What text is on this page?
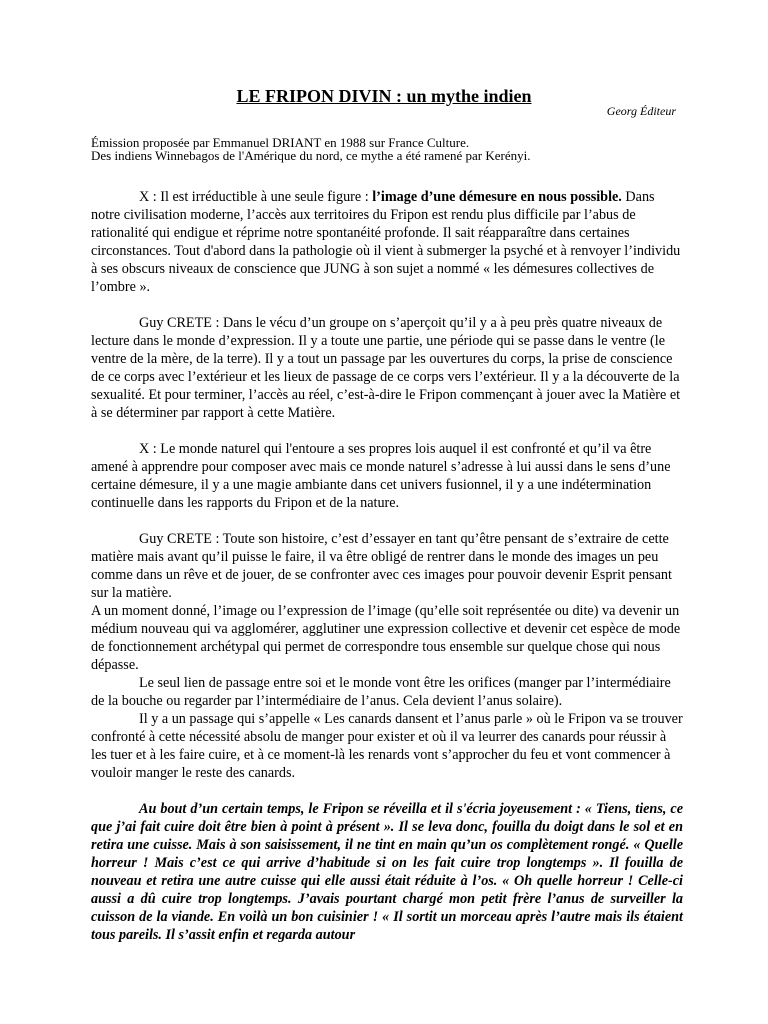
LE FRIPON DIVIN : un mythe indien
Georg Éditeur
Émission proposée par Emmanuel DRIANT en 1988 sur France Culture.
Des indiens Winnebagos de l'Amérique du nord, ce mythe a été ramené par Kerényi.

X : Il est irréductible à une seule figure : l’image d’une démesure en nous possible. Dans notre civilisation moderne, l’accès aux territoires du Fripon est rendu plus difficile par l’abus de rationalité qui endigue et réprime notre spontanéité profonde. Il sait réapparaître dans certaines circonstances. Tout d'abord dans la pathologie où il vient à submerger la psyché et à renvoyer l’individu à ses obscurs niveaux de conscience que JUNG à son sujet a nommé « les démesures collectives de l’ombre ».

Guy CRETE : Dans le vécu d’un groupe on s’aperçoit qu’il y a à peu près quatre niveaux de lecture dans le monde d’expression. Il y a toute une partie, une période qui se passe dans le ventre (le ventre de la mère, de la terre). Il y a tout un passage par les ouvertures du corps, la prise de conscience de ce corps avec l’extérieur et les lieux de passage de ce corps vers l’extérieur. Il y a la découverte de la sexualité. Et pour terminer, l’accès au réel, c’est-à-dire le Fripon commençant à jouer avec la Matière et à se déterminer par rapport à cette Matière.

X : Le monde naturel qui l'entoure a ses propres lois auquel il est confronté et qu’il va être amené à apprendre pour composer avec mais ce monde naturel s’adresse à lui aussi dans le sens d’une certaine démesure, il y a une magie ambiante dans cet univers fusionnel, il y a une indétermination continuelle dans les rapports du Fripon et de la nature.

Guy CRETE : Toute son histoire, c’est d’essayer en tant qu’être pensant de s’extraire de cette matière mais avant qu’il puisse le faire, il va être obligé de rentrer dans le monde des images un peu comme dans un rêve et de jouer, de se confronter avec ces images pour pouvoir devenir Esprit pensant sur la matière.

A un moment donné, l’image ou l’expression de l’image (qu’elle soit représentée ou dite) va devenir un médium nouveau qui va agglomérer, agglutiner une expression collective et devenir cet espèce de mode de fonctionnement archétypal qui permet de correspondre tous ensemble sur quelque chose qui nous dépasse.

Le seul lien de passage entre soi et le monde vont être les orifices (manger par l’intermédiaire de la bouche ou regarder par l’intermédiaire de l’anus. Cela devient l’anus solaire).

Il y a un passage qui s’appelle « Les canards dansent et l’anus parle » où le Fripon va se trouver confronté à cette nécessité absolu de manger pour exister et où il va leurrer des canards pour réussir à les tuer et à les faire cuire, et à ce moment-là les renards vont s’approcher du feu et vont commencer à vouloir manger le reste des canards.

Au bout d’un certain temps, le Fripon se réveilla et il s'écria joyeusement : « Tiens, tiens, ce que j’ai fait cuire doit être bien à point à présent ». Il se leva donc, fouilla du doigt dans le sol et en retira une cuisse. Mais à son saisissement, il ne tint en main qu’un os complètement rongé. « Quelle horreur ! Mais c’est ce qui arrive d’habitude si on les fait cuire trop longtemps ». Il fouilla de nouveau et retira une autre cuisse qui elle aussi était réduite à l’os. « Oh quelle horreur ! Celle-ci aussi a dû cuire trop longtemps. J’avais pourtant chargé mon petit frère l’anus de surveiller la cuisson de la viande. En voilà un bon cuisinier ! « Il sortit un morceau après l’autre mais ils étaient tous pareils. Il s’assit enfin et regarda autour
